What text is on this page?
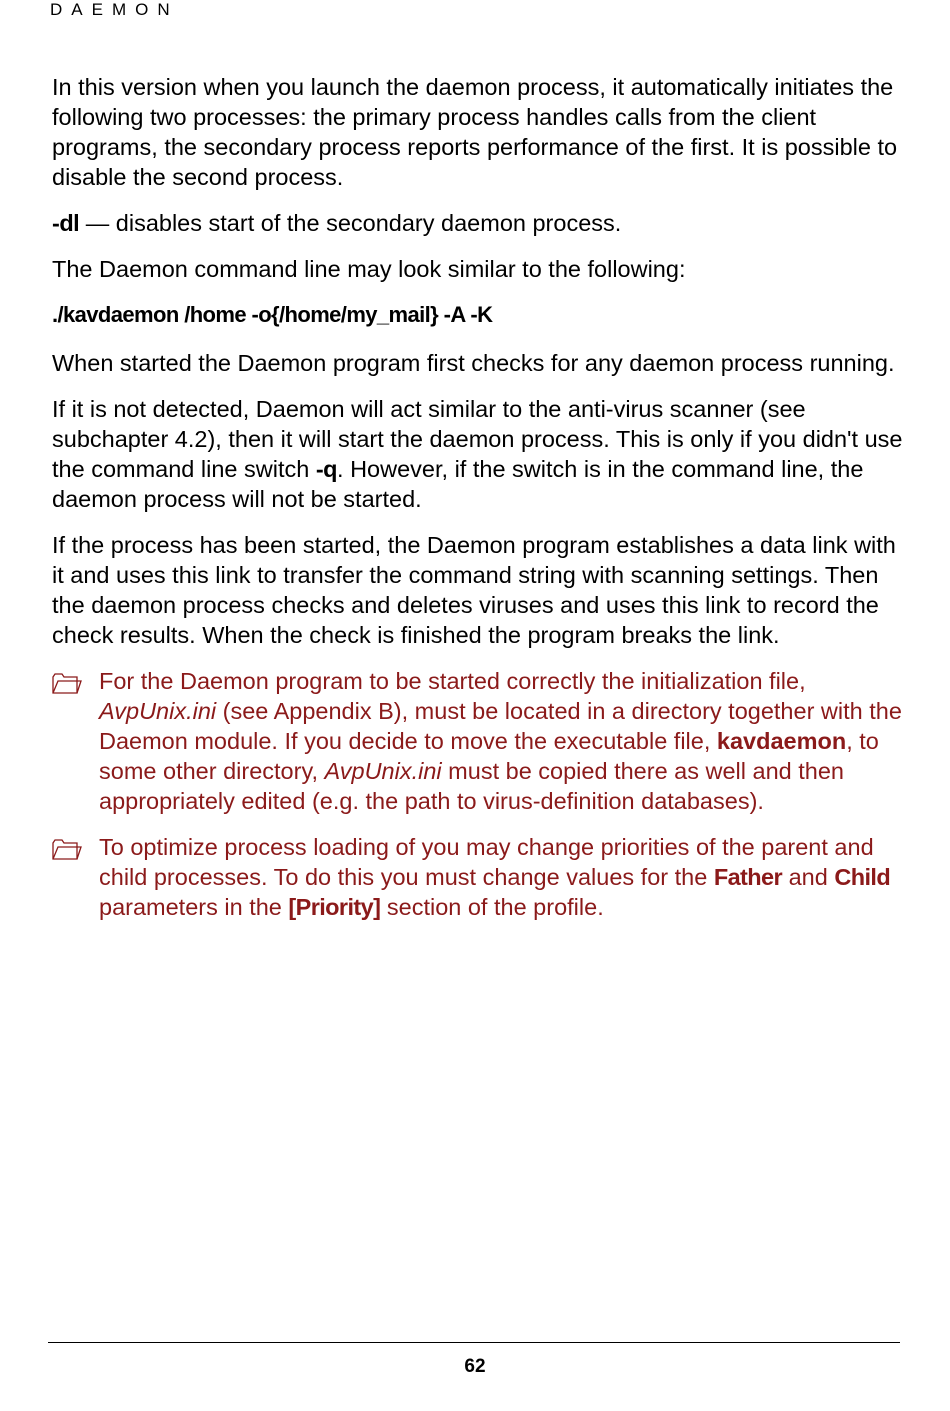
DAEMON

In this version when you launch the daemon process, it automatically initiates the following two processes: the primary process handles calls from the client programs, the secondary process reports performance of the first. It is possible to disable the second process.

-dl — disables start of the secondary daemon process.

The Daemon command line may look similar to the following:

./kavdaemon /home -o{/home/my_mail} -A -K

When started the Daemon program first checks for any daemon process running.

If it is not detected, Daemon will act similar to the anti-virus scanner (see subchapter 4.2), then it will start the daemon process. This is only if you didn't use the command line switch -q. However, if the switch is in the command line, the daemon process will not be started.

If the process has been started, the Daemon program establishes a data link with it and uses this link to transfer the command string with scanning settings. Then the daemon process checks and deletes viruses and uses this link to record the check results. When the check is finished the program breaks the link.

For the Daemon program to be started correctly the initialization file, AvpUnix.ini (see Appendix B), must be located in a directory together with the Daemon module. If you decide to move the executable file, kavdaemon, to some other directory, AvpUnix.ini must be copied there as well and then appropriately edited (e.g. the path to virus-definition databases).
To optimize process loading of you may change priorities of the parent and child processes. To do this you must change values for the Father and Child parameters in the [Priority] section of the profile.
62
